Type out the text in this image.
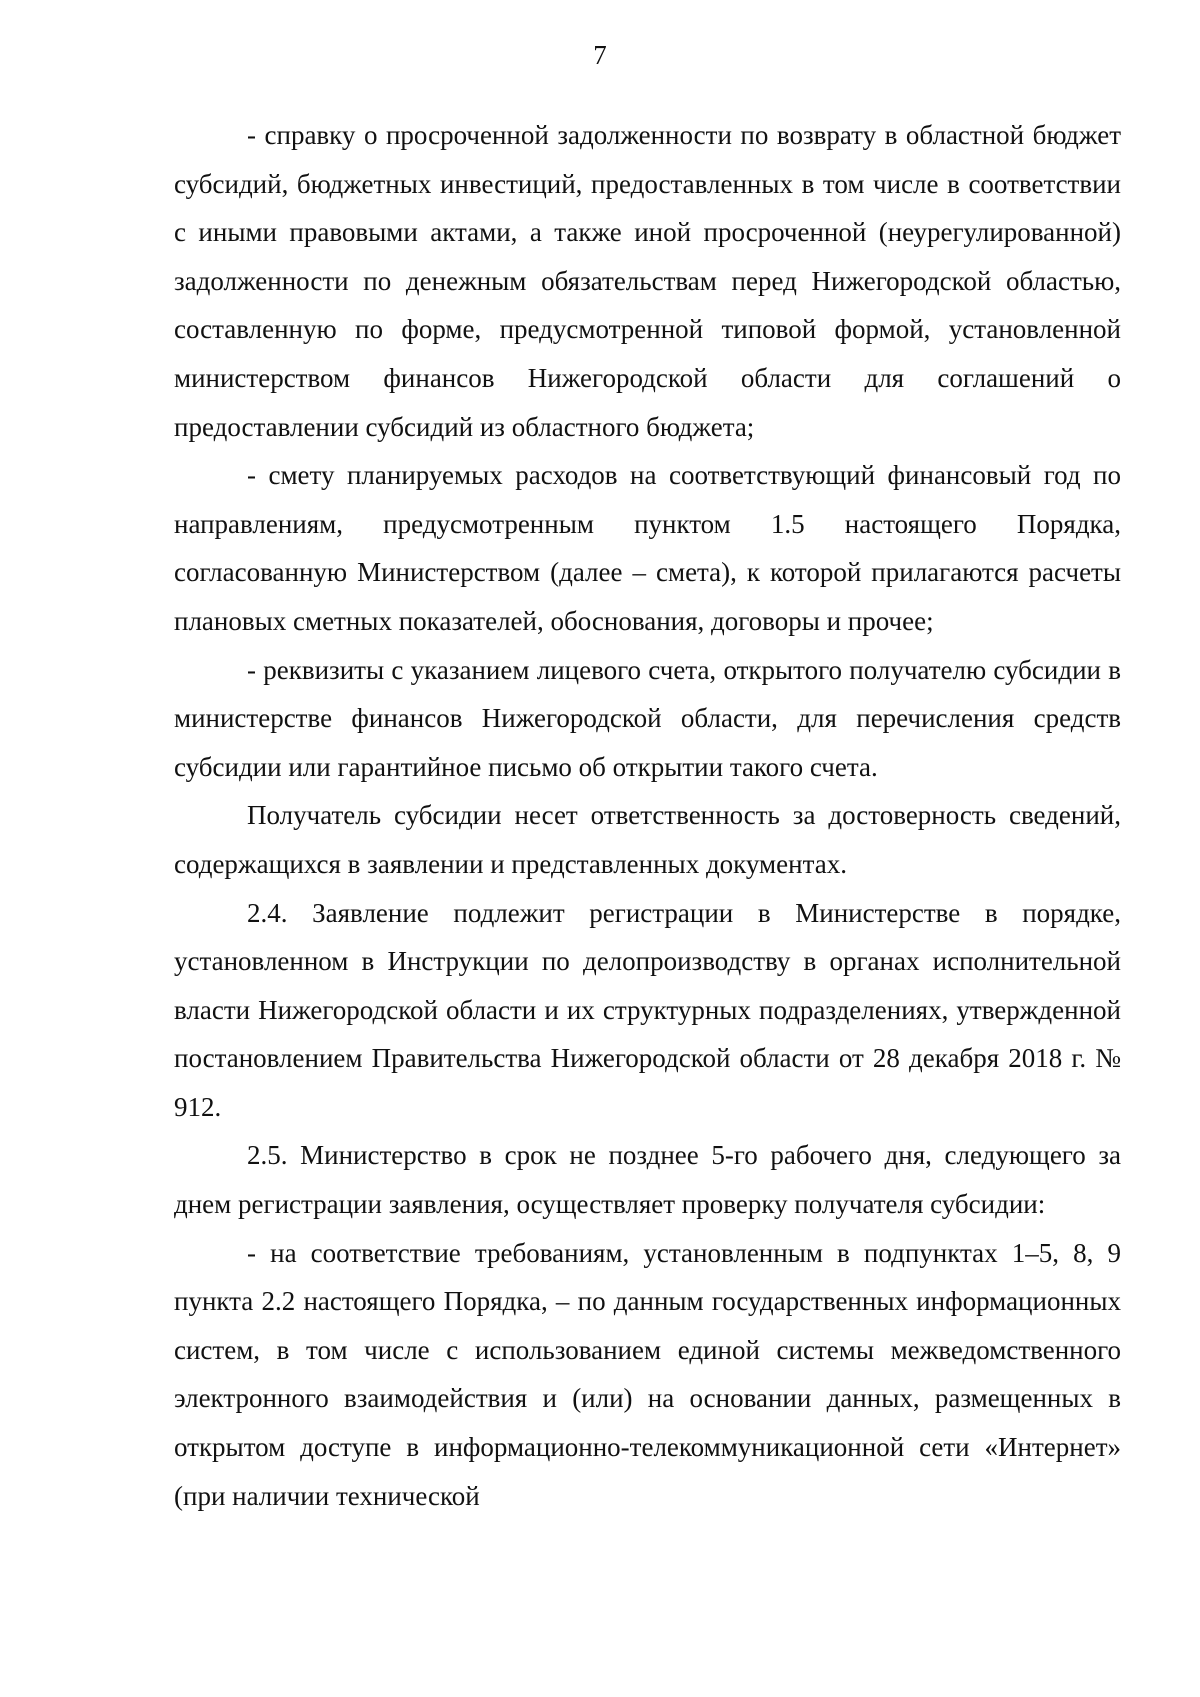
7

- справку о просроченной задолженности по возврату в областной бюджет субсидий, бюджетных инвестиций, предоставленных в том числе в соответствии с иными правовыми актами, а также иной просроченной (неурегулированной) задолженности по денежным обязательствам перед Нижегородской областью, составленную по форме, предусмотренной типовой формой, установленной министерством финансов Нижегородской области для соглашений о предоставлении субсидий из областного бюджета;

- смету планируемых расходов на соответствующий финансовый год по направлениям, предусмотренным пунктом 1.5 настоящего Порядка, согласованную Министерством (далее – смета), к которой прилагаются расчеты плановых сметных показателей, обоснования, договоры и прочее;

- реквизиты с указанием лицевого счета, открытого получателю субсидии в министерстве финансов Нижегородской области, для перечисления средств субсидии или гарантийное письмо об открытии такого счета.

Получатель субсидии несет ответственность за достоверность сведений, содержащихся в заявлении и представленных документах.

2.4. Заявление подлежит регистрации в Министерстве в порядке, установленном в Инструкции по делопроизводству в органах исполнительной власти Нижегородской области и их структурных подразделениях, утвержденной постановлением Правительства Нижегородской области от 28 декабря 2018 г. № 912.

2.5. Министерство в срок не позднее 5-го рабочего дня, следующего за днем регистрации заявления, осуществляет проверку получателя субсидии:

- на соответствие требованиям, установленным в подпунктах 1–5, 8, 9 пункта 2.2 настоящего Порядка, – по данным государственных информационных систем, в том числе с использованием единой системы межведомственного электронного взаимодействия и (или) на основании данных, размещенных в открытом доступе в информационно-телекоммуникационной сети «Интернет» (при наличии технической
